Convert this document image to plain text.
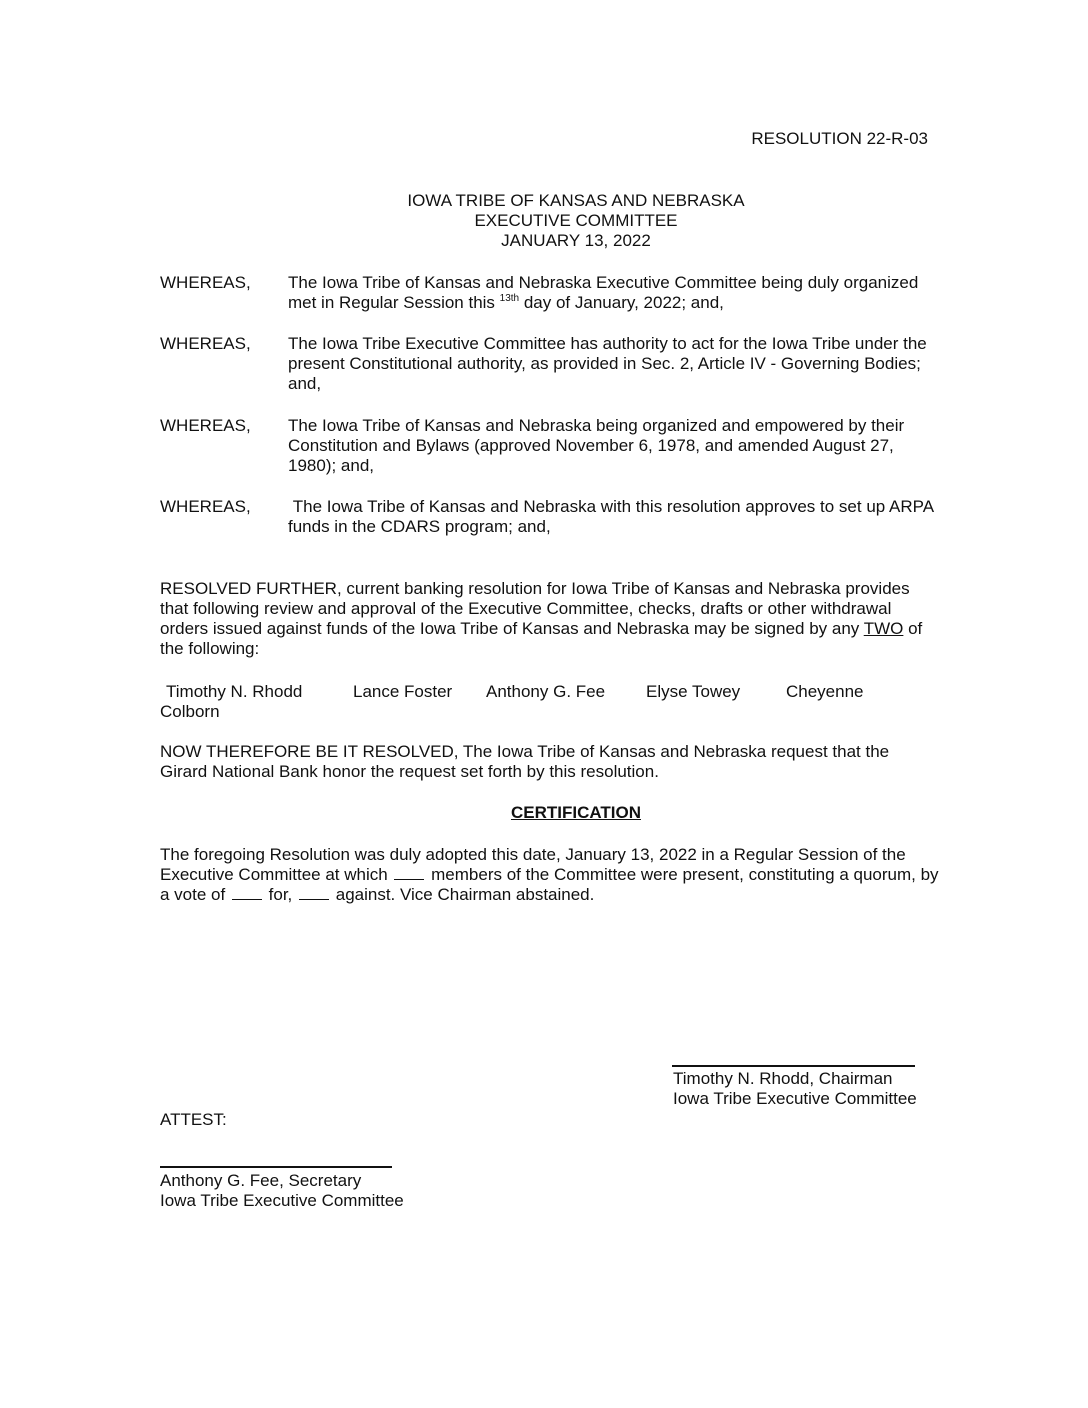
RESOLUTION 22-R-03
IOWA TRIBE OF KANSAS AND NEBRASKA
EXECUTIVE COMMITTEE
JANUARY 13, 2022
WHEREAS,	The Iowa Tribe of Kansas and Nebraska Executive Committee being duly organized met in Regular Session this $^{13th}$ day of January, 2022; and,
WHEREAS,	The Iowa Tribe Executive Committee has authority to act for the Iowa Tribe under the present Constitutional authority, as provided in Sec. 2, Article IV - Governing Bodies; and,
WHEREAS,	The Iowa Tribe of Kansas and Nebraska being organized and empowered by their Constitution and Bylaws (approved November 6, 1978, and amended August 27, 1980); and,
WHEREAS,	The Iowa Tribe of Kansas and Nebraska with this resolution approves to set up ARPA funds in the CDARS program; and,
RESOLVED FURTHER, current banking resolution for Iowa Tribe of Kansas and Nebraska provides that following review and approval of the Executive Committee, checks, drafts or other withdrawal orders issued against funds of the Iowa Tribe of Kansas and Nebraska may be signed by any TWO of the following:
Timothy N. Rhodd	Lance Foster Anthony G. Fee Elyse Towey	Cheyenne
Colborn
NOW THEREFORE BE IT RESOLVED, The Iowa Tribe of Kansas and Nebraska request that the Girard National Bank honor the request set forth by this resolution.
CERTIFICATION
The foregoing Resolution was duly adopted this date, January 13, 2022 in a Regular Session of the Executive Committee at which  members of the Committee were present, constituting a quorum, by a vote of  for,  against. Vice Chairman abstained.
Timothy N. Rhodd, Chairman
Iowa Tribe Executive Committee
ATTEST:
Anthony G. Fee, Secretary
Iowa Tribe Executive Committee
